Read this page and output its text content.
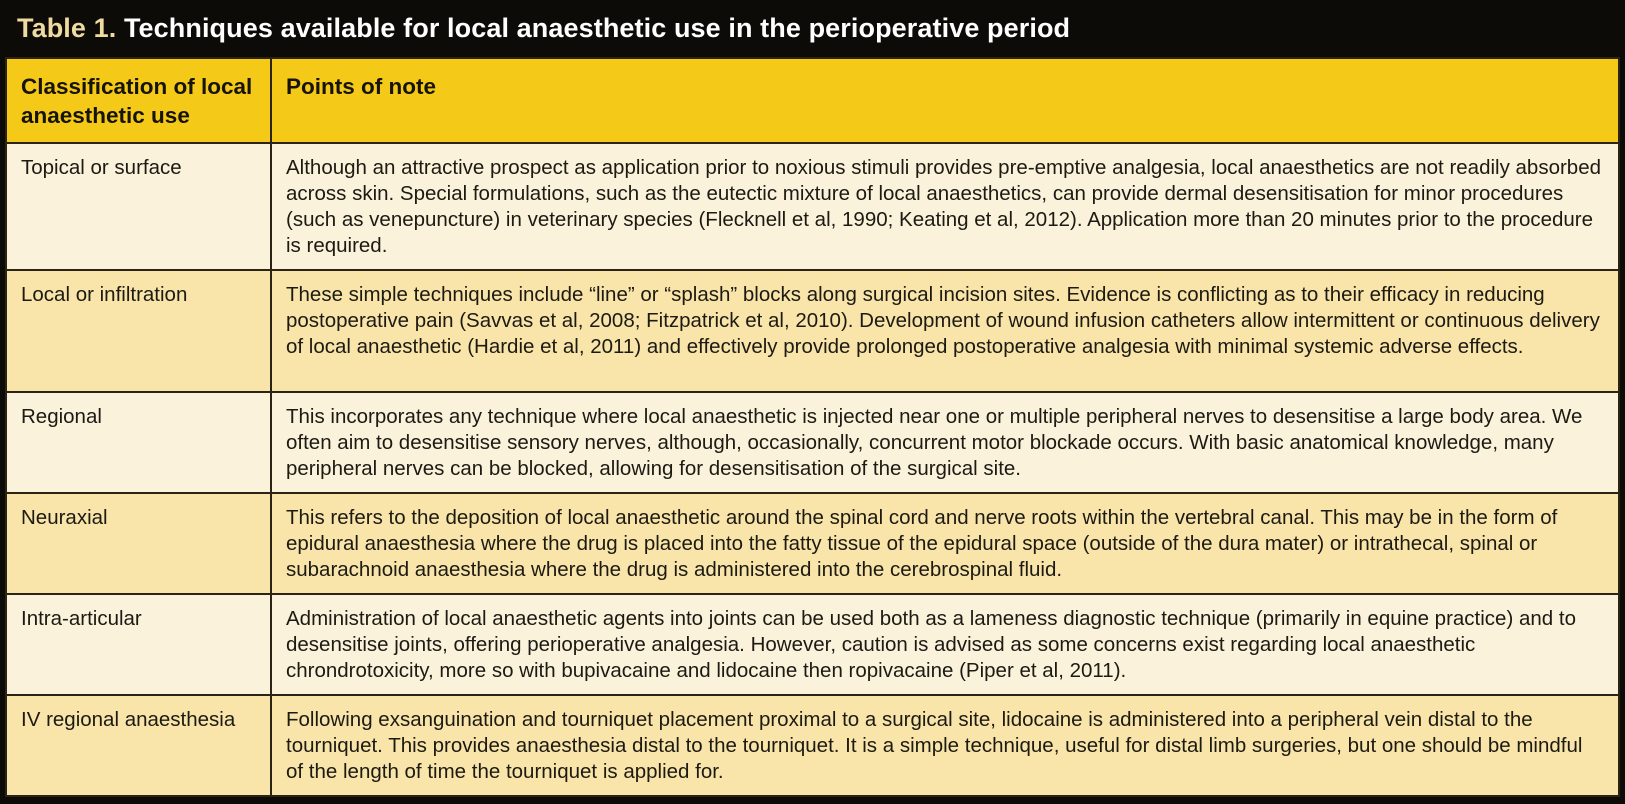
Table 1. Techniques available for local anaesthetic use in the perioperative period
Classification of local anaesthetic use	Points of note
Topical or surface	Although an attractive prospect as application prior to noxious stimuli provides pre-emptive analgesia, local anaesthetics are not readily absorbed across skin. Special formulations, such as the eutectic mixture of local anaesthetics, can provide dermal desensitisation for minor procedures (such as venepuncture) in veterinary species (Flecknell et al, 1990; Keating et al, 2012). Application more than 20 minutes prior to the procedure is required.
Local or infiltration	These simple techniques include “line” or “splash” blocks along surgical incision sites. Evidence is conflicting as to their efficacy in reducing postoperative pain (Savvas et al, 2008; Fitzpatrick et al, 2010). Development of wound infusion catheters allow intermittent or continuous delivery of local anaesthetic (Hardie et al, 2011) and effectively provide prolonged postoperative analgesia with minimal systemic adverse effects.
Regional	This incorporates any technique where local anaesthetic is injected near one or multiple peripheral nerves to desensitise a large body area. We often aim to desensitise sensory nerves, although, occasionally, concurrent motor blockade occurs. With basic anatomical knowledge, many peripheral nerves can be blocked, allowing for desensitisation of the surgical site.
Neuraxial	This refers to the deposition of local anaesthetic around the spinal cord and nerve roots within the vertebral canal. This may be in the form of epidural anaesthesia where the drug is placed into the fatty tissue of the epidural space (outside of the dura mater) or intrathecal, spinal or subarachnoid anaesthesia where the drug is administered into the cerebrospinal fluid.
Intra-articular	Administration of local anaesthetic agents into joints can be used both as a lameness diagnostic technique (primarily in equine practice) and to desensitise joints, offering perioperative analgesia. However, caution is advised as some concerns exist regarding local anaesthetic chrondrotoxicity, more so with bupivacaine and lidocaine then ropivacaine (Piper et al, 2011).
IV regional anaesthesia	Following exsanguination and tourniquet placement proximal to a surgical site, lidocaine is administered into a peripheral vein distal to the tourniquet. This provides anaesthesia distal to the tourniquet. It is a simple technique, useful for distal limb surgeries, but one should be mindful of the length of time the tourniquet is applied for.
